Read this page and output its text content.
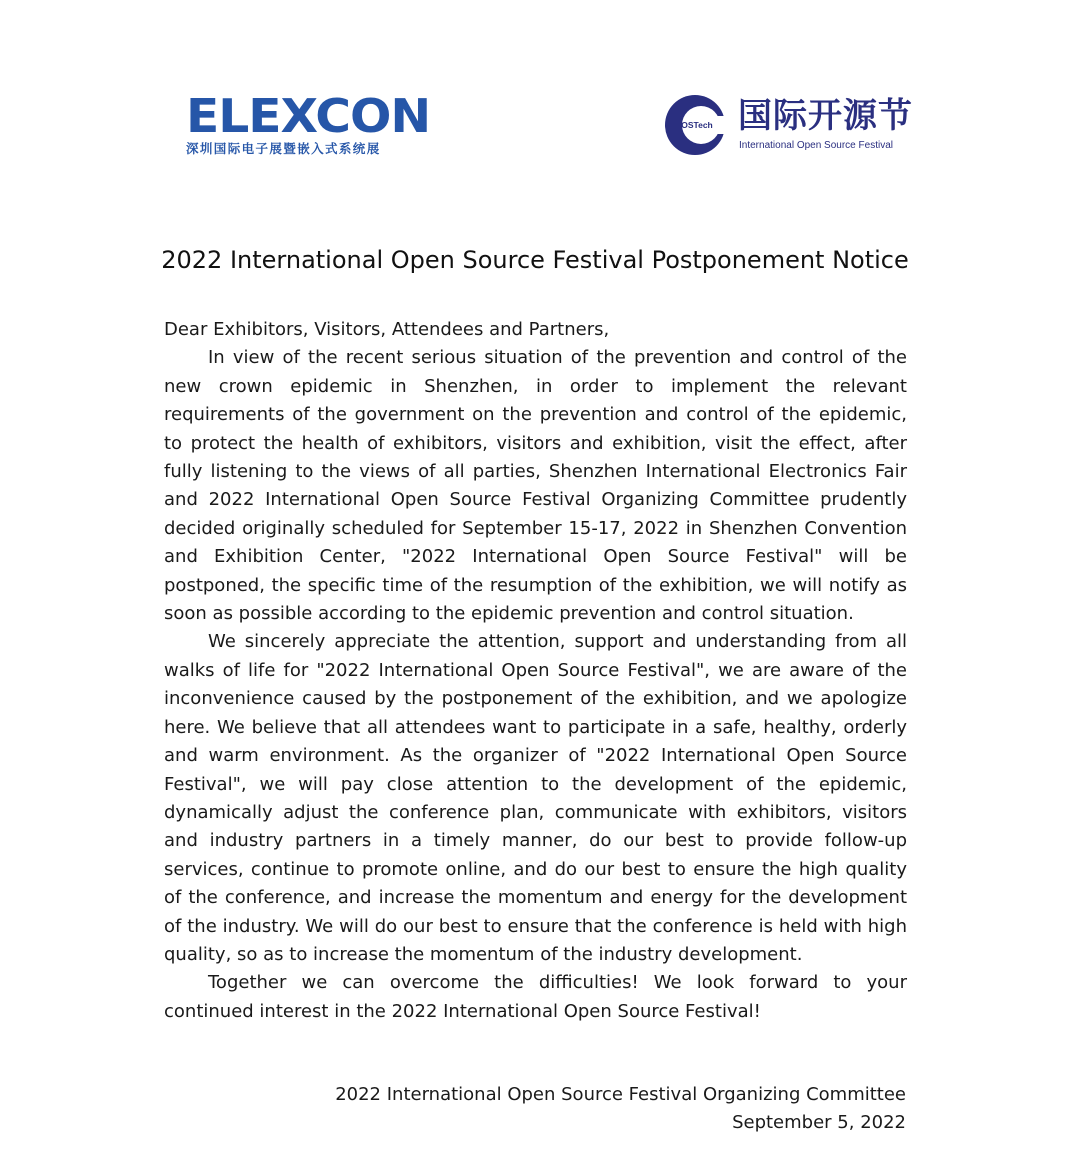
ELEXCON
深圳国际电子展暨嵌入式系统展
OSTech 国际开源节
International Open Source Festival
2022 International Open Source Festival Postponement Notice

Dear Exhibitors, Visitors, Attendees and Partners,

In view of the recent serious situation of the prevention and control of the new crown epidemic in Shenzhen, in order to implement the relevant requirements of the government on the prevention and control of the epidemic, to protect the health of exhibitors, visitors and exhibition, visit the effect, after fully listening to the views of all parties, Shenzhen International Electronics Fair and 2022 International Open Source Festival Organizing Committee prudently decided originally scheduled for September 15-17, 2022 in Shenzhen Convention and Exhibition Center, "2022 International Open Source Festival" will be postponed, the specific time of the resumption of the exhibition, we will notify as soon as possible according to the epidemic prevention and control situation.

We sincerely appreciate the attention, support and understanding from all walks of life for "2022 International Open Source Festival", we are aware of the inconvenience caused by the postponement of the exhibition, and we apologize here. We believe that all attendees want to participate in a safe, healthy, orderly and warm environment. As the organizer of "2022 International Open Source Festival", we will pay close attention to the development of the epidemic, dynamically adjust the conference plan, communicate with exhibitors, visitors and industry partners in a timely manner, do our best to provide follow-up services, continue to promote online, and do our best to ensure the high quality of the conference, and increase the momentum and energy for the development of the industry. We will do our best to ensure that the conference is held with high quality, so as to increase the momentum of the industry development.

Together we can overcome the difficulties! We look forward to your continued interest in the 2022 International Open Source Festival!

2022 International Open Source Festival Organizing Committee
September 5, 2022
